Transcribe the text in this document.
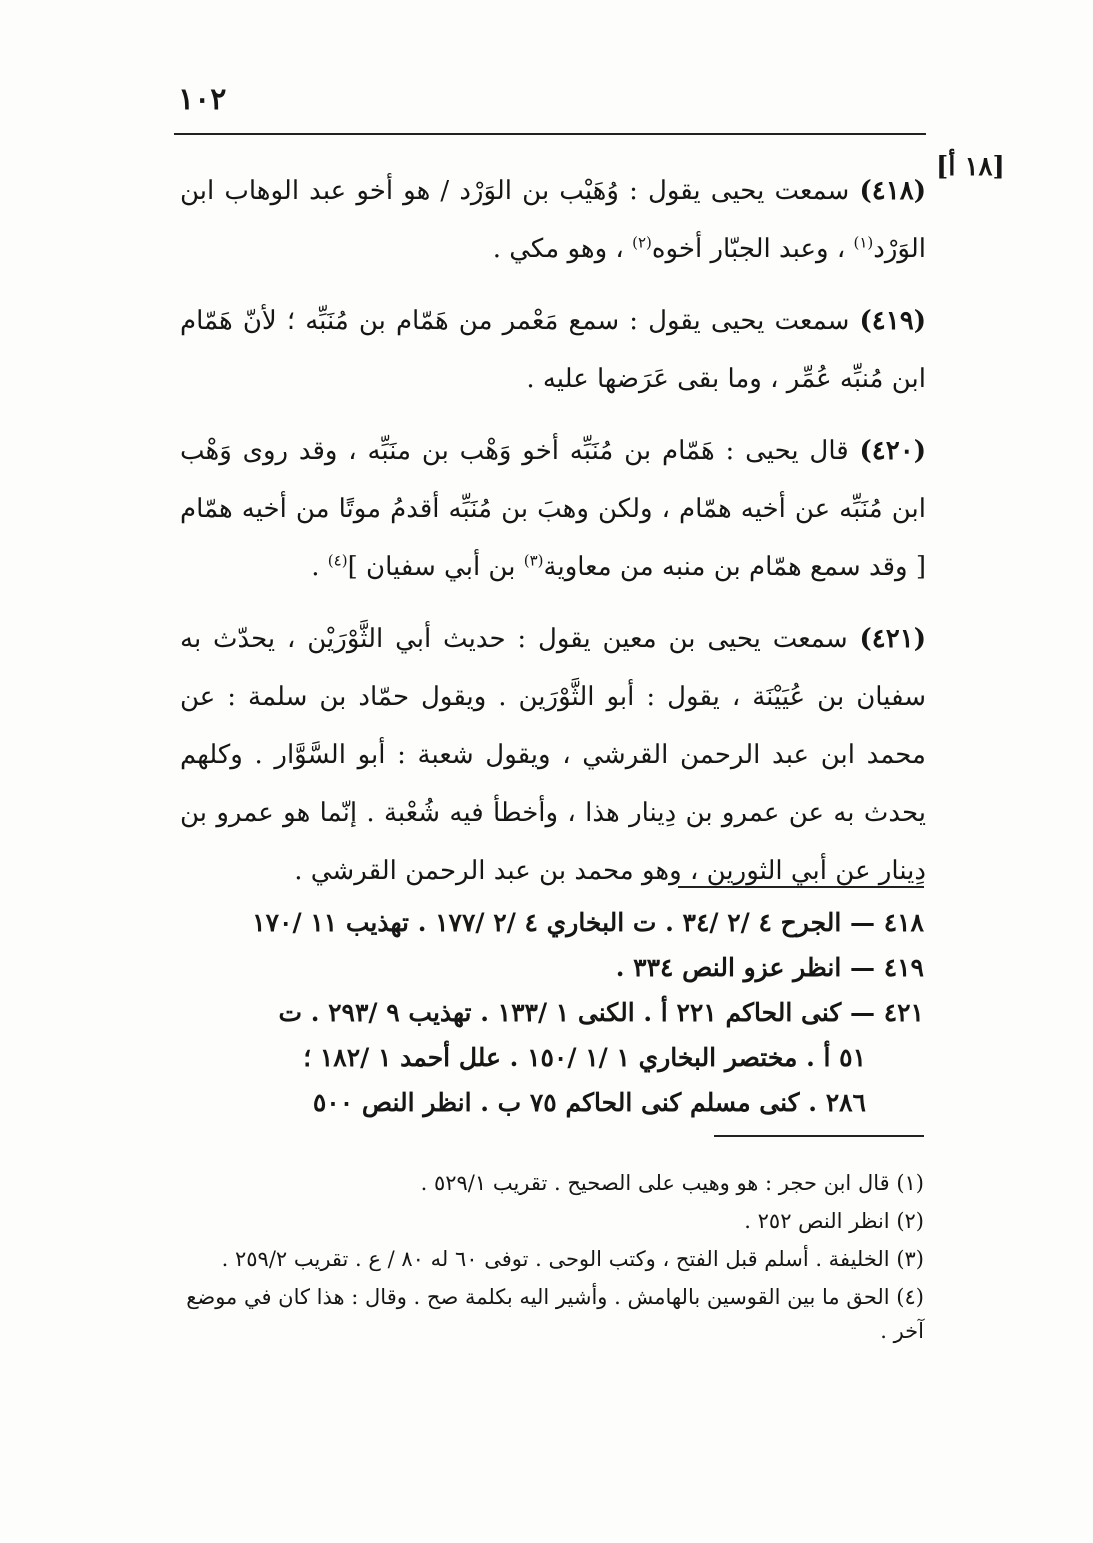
١٠٢
[١٨ أ]

(٤١٨) سمعت يحيى يقول : وُهَيْب بن الوَرْد / هو أخو عبد الوهاب ابن الوَرْد$^{(١)}$ ، وعبد الجبّار أخوه$^{(٢)}$ ، وهو مكي .

(٤١٩) سمعت يحيى يقول : سمع مَعْمر من هَمّام بن مُنَبِّه ؛ لأنّ هَمّام ابن مُنبِّه عُمِّر ، وما بقى عَرَضها عليه .

(٤٢٠) قال يحيى : هَمّام بن مُنَبِّه أخو وَهْب بن منَبِّه ، وقد روى وَهْب ابن مُنَبِّه عن أخيه همّام ، ولكن وهبَ بن مُنَبِّه أقدمُ موتًا من أخيه همّام [ وقد سمع همّام بن منبه من معاوية$^{(٣)}$ بن أبي سفيان ]$^{(٤)}$ .

(٤٢١) سمعت يحيى بن معين يقول : حديث أبي الثَّوْرَيْن ، يحدّث به سفيان بن عُيَيْنَة ، يقول : أبو الثَّوْرَين . ويقول حمّاد بن سلمة : عن محمد ابن عبد الرحمن القرشي ، ويقول شعبة : أبو السَّوَّار . وكلهم يحدث به عن عمرو بن دِينار هذا ، وأخطأ فيه شُعْبة . إنّما هو عمرو بن دِينار عن أبي الثورين ، وهو محمد بن عبد الرحمن القرشي .

٤١٨ — الجرح ٤ /٢ /٣٤ . ت البخاري ٤ /٢ /١٧٧ . تهذيب ١١ /١٧٠

٤١٩ — انظر عزو النص ٣٣٤ .

٤٢١ — كنى الحاكم ٢٢١ أ . الكنى ١ /١٣٣ . تهذيب ٩ /٢٩٣ . ت

٥١ أ . مختصر البخاري ١ /١ /١٥٠ . علل أحمد ١ /١٨٢ ؛

٢٨٦ . كنى مسلم كنى الحاكم ٧٥ ب . انظر النص ٥٠٠

(١) قال ابن حجر : هو وهيب على الصحيح . تقريب ٥٢٩/١ .

(٢) انظر النص ٢٥٢ .

(٣) الخليفة . أسلم قبل الفتح ، وكتب الوحى . توفى ٦٠ له ٨٠ / ع . تقريب ٢٥٩/٢ .

(٤) الحق ما بين القوسين بالهامش . وأشير اليه بكلمة صح . وقال : هذا كان في موضع آخر .
